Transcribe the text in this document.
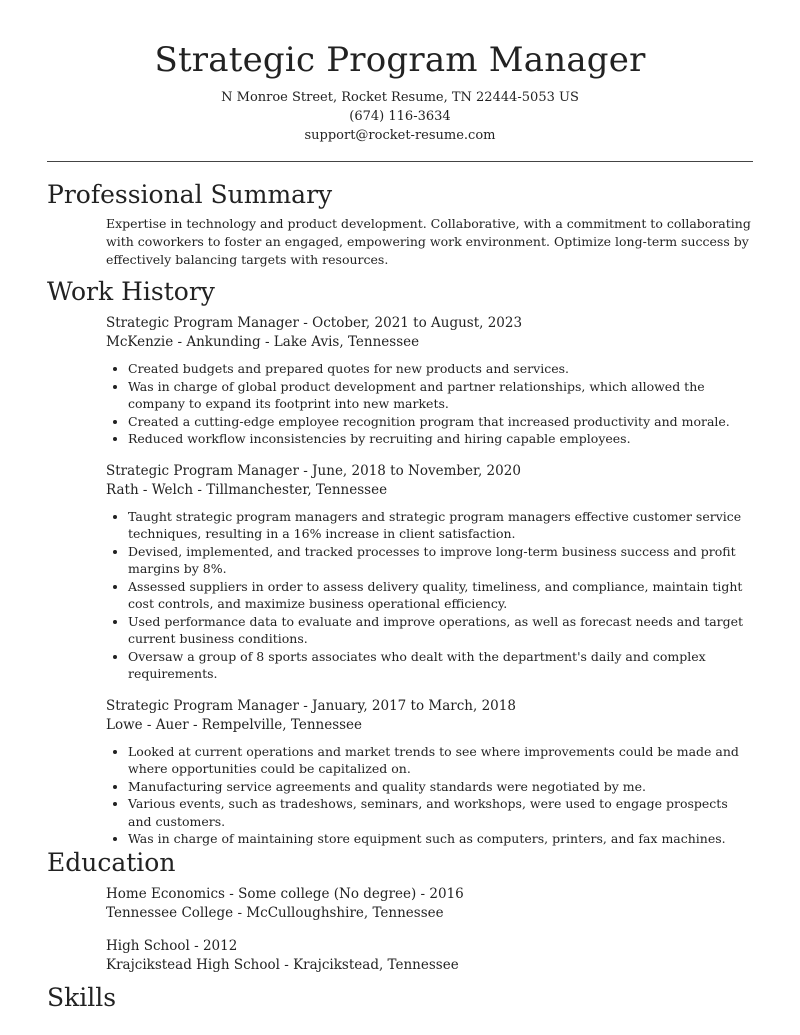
Strategic Program Manager
N Monroe Street, Rocket Resume, TN 22444-5053 US
(674) 116-3634
support@rocket-resume.com
Professional Summary

Expertise in technology and product development. Collaborative, with a commitment to collaborating with coworkers to foster an engaged, empowering work environment. Optimize long-term success by effectively balancing targets with resources.

Work History
Strategic Program Manager - October, 2021 to August, 2023
McKenzie - Ankunding - Lake Avis, Tennessee
• Created budgets and prepared quotes for new products and services.
• Was in charge of global product development and partner relationships, which allowed the company to expand its footprint into new markets.
• Created a cutting-edge employee recognition program that increased productivity and morale.
• Reduced workflow inconsistencies by recruiting and hiring capable employees.
Strategic Program Manager - June, 2018 to November, 2020
Rath - Welch - Tillmanchester, Tennessee
• Taught strategic program managers and strategic program managers effective customer service techniques, resulting in a 16% increase in client satisfaction.
• Devised, implemented, and tracked processes to improve long-term business success and profit margins by 8%.
• Assessed suppliers in order to assess delivery quality, timeliness, and compliance, maintain tight cost controls, and maximize business operational efficiency.
• Used performance data to evaluate and improve operations, as well as forecast needs and target current business conditions.
• Oversaw a group of 8 sports associates who dealt with the department's daily and complex requirements.
Strategic Program Manager - January, 2017 to March, 2018
Lowe - Auer - Rempelville, Tennessee
• Looked at current operations and market trends to see where improvements could be made and where opportunities could be capitalized on.
• Manufacturing service agreements and quality standards were negotiated by me.
• Various events, such as tradeshows, seminars, and workshops, were used to engage prospects and customers.
• Was in charge of maintaining store equipment such as computers, printers, and fax machines.
Education
Home Economics - Some college (No degree) - 2016
Tennessee College - McCulloughshire, Tennessee
High School - 2012
Krajcikstead High School - Krajcikstead, Tennessee
Skills
